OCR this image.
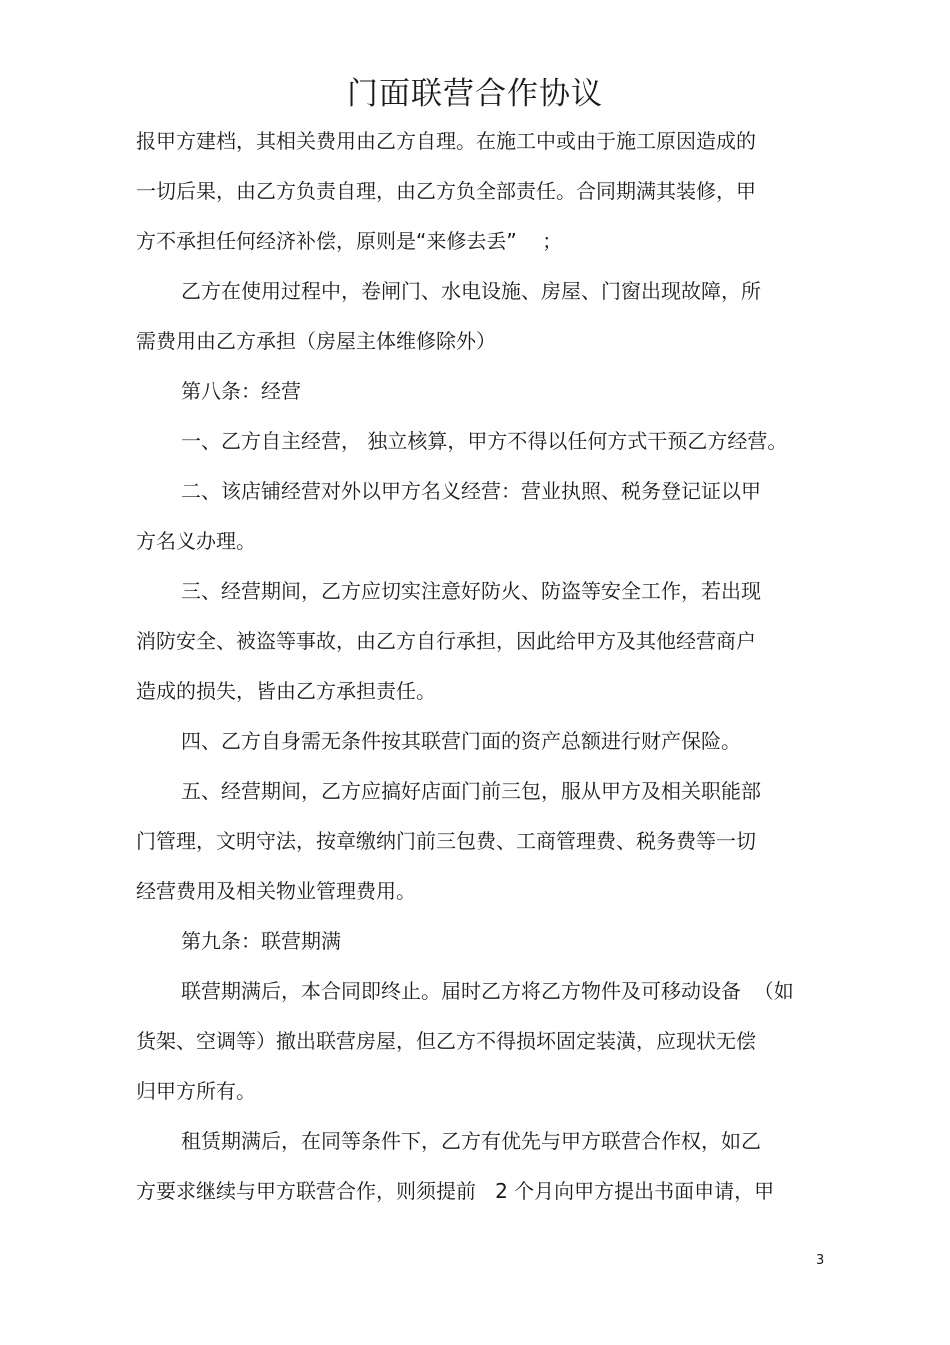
门面联营合作协议
报甲方建档，其相关费用由乙方自理。在施工中或由于施工原因造成的
一切后果，由乙方负责自理，由乙方负全部责任。合同期满其装修，甲
方不承担任何经济补偿，原则是“来修去丢”    ；
乙方在使用过程中，卷闸门、水电设施、房屋、门窗出现故障，所
需费用由乙方承担（房屋主体维修除外）
第八条：经营
一、乙方自主经营， 独立核算，甲方不得以任何方式干预乙方经营。
二、该店铺经营对外以甲方名义经营：营业执照、税务登记证以甲
方名义办理。
三、经营期间，乙方应切实注意好防火、防盗等安全工作，若出现
消防安全、被盗等事故，由乙方自行承担，因此给甲方及其他经营商户
造成的损失，皆由乙方承担责任。
四、乙方自身需无条件按其联营门面的资产总额进行财产保险。
五、经营期间，乙方应搞好店面门前三包，服从甲方及相关职能部
门管理，文明守法，按章缴纳门前三包费、工商管理费、税务费等一切
经营费用及相关物业管理费用。
第九条：联营期满
联营期满后，本合同即终止。届时乙方将乙方物件及可移动设备  （如
货架、空调等）撤出联营房屋，但乙方不得损坏固定装潢，应现状无偿
归甲方所有。
租赁期满后，在同等条件下，乙方有优先与甲方联营合作权，如乙
方要求继续与甲方联营合作，则须提前   2 个月向甲方提出书面申请，甲
3
